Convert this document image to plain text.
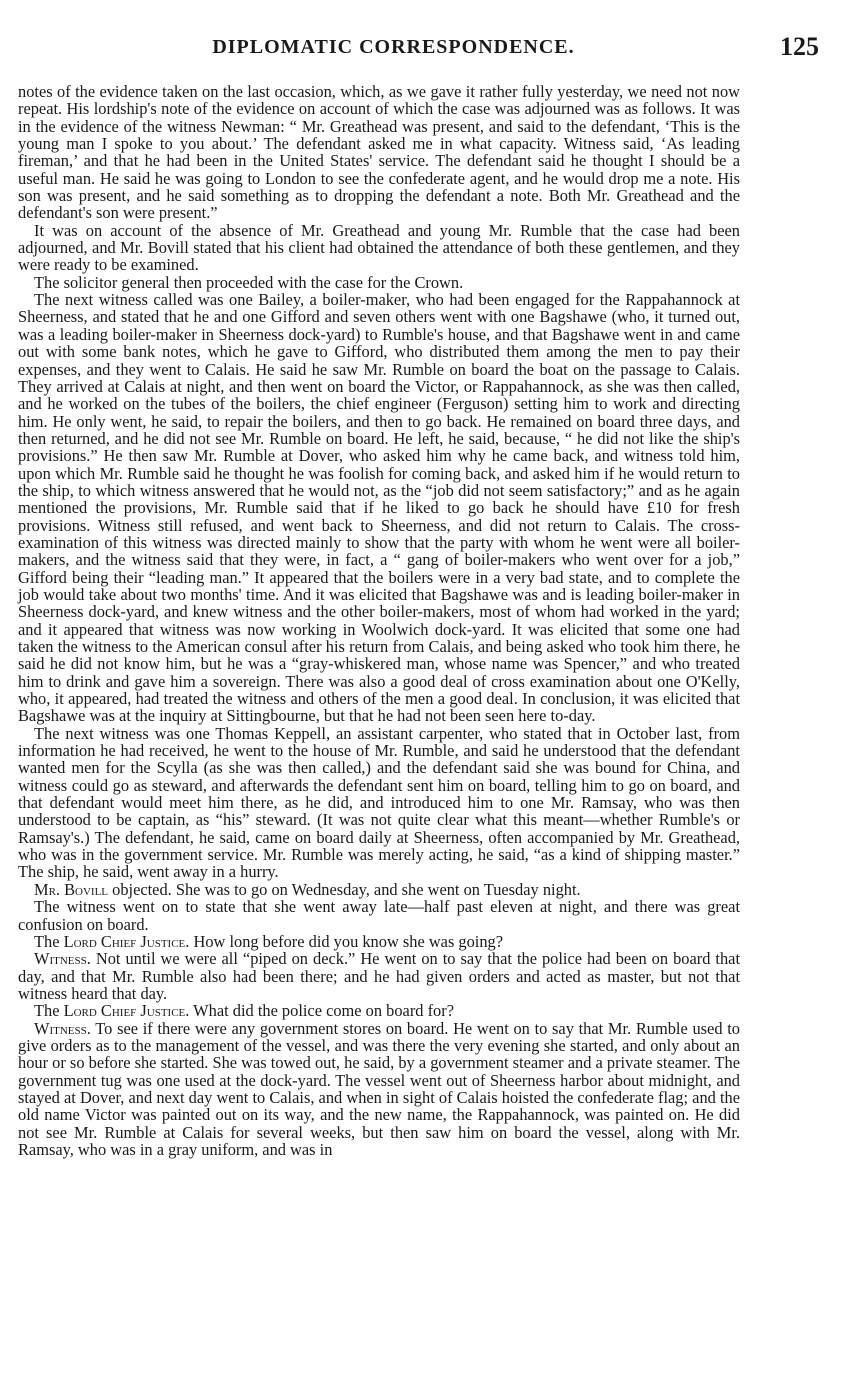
DIPLOMATIC CORRESPONDENCE.	125

notes of the evidence taken on the last occasion, which, as we gave it rather fully yesterday, we need not now repeat. His lordship's note of the evidence on account of which the case was adjourned was as follows. It was in the evidence of the witness Newman: “ Mr. Greathead was present, and said to the defendant, ‘This is the young man I spoke to you about.’ The defendant asked me in what capacity. Witness said, ‘As leading fireman,’ and that he had been in the United States' service. The defendant said he thought I should be a useful man. He said he was going to London to see the confederate agent, and he would drop me a note. His son was present, and he said something as to dropping the defendant a note. Both Mr. Greathead and the defendant's son were present.”

It was on account of the absence of Mr. Greathead and young Mr. Rumble that the case had been adjourned, and Mr. Bovill stated that his client had obtained the attendance of both these gentlemen, and they were ready to be examined.

The solicitor general then proceeded with the case for the Crown.

The next witness called was one Bailey, a boiler-maker, who had been engaged for the Rappahannock at Sheerness, and stated that he and one Gifford and seven others went with one Bagshawe (who, it turned out, was a leading boiler-maker in Sheerness dock-yard) to Rumble's house, and that Bagshawe went in and came out with some bank notes, which he gave to Gifford, who distributed them among the men to pay their expenses, and they went to Calais. He said he saw Mr. Rumble on board the boat on the passage to Calais. They arrived at Calais at night, and then went on board the Victor, or Rappahannock, as she was then called, and he worked on the tubes of the boilers, the chief engineer (Ferguson) setting him to work and directing him. He only went, he said, to repair the boilers, and then to go back. He remained on board three days, and then returned, and he did not see Mr. Rumble on board. He left, he said, because, “ he did not like the ship's provisions.” He then saw Mr. Rumble at Dover, who asked him why he came back, and witness told him, upon which Mr. Rumble said he thought he was foolish for coming back, and asked him if he would return to the ship, to which witness answered that he would not, as the “job did not seem satisfactory;” and as he again mentioned the provisions, Mr. Rumble said that if he liked to go back he should have £10 for fresh provisions. Witness still refused, and went back to Sheerness, and did not return to Calais. The cross-examination of this witness was directed mainly to show that the party with whom he went were all boiler-makers, and the witness said that they were, in fact, a “ gang of boiler-makers who went over for a job,” Gifford being their “leading man.” It appeared that the boilers were in a very bad state, and to complete the job would take about two months' time. And it was elicited that Bagshawe was and is leading boiler-maker in Sheerness dock-yard, and knew witness and the other boiler-makers, most of whom had worked in the yard; and it appeared that witness was now working in Woolwich dock-yard. It was elicited that some one had taken the witness to the American consul after his return from Calais, and being asked who took him there, he said he did not know him, but he was a “gray-whiskered man, whose name was Spencer,” and who treated him to drink and gave him a sovereign. There was also a good deal of cross examination about one O'Kelly, who, it appeared, had treated the witness and others of the men a good deal. In conclusion, it was elicited that Bagshawe was at the inquiry at Sittingbourne, but that he had not been seen here to-day.

The next witness was one Thomas Keppell, an assistant carpenter, who stated that in October last, from information he had received, he went to the house of Mr. Rumble, and said he understood that the defendant wanted men for the Scylla (as she was then called,) and the defendant said she was bound for China, and witness could go as steward, and afterwards the defendant sent him on board, telling him to go on board, and that defendant would meet him there, as he did, and introduced him to one Mr. Ramsay, who was then understood to be captain, as “his” steward. (It was not quite clear what this meant—whether Rumble's or Ramsay's.) The defendant, he said, came on board daily at Sheerness, often accompanied by Mr. Greathead, who was in the government service. Mr. Rumble was merely acting, he said, “as a kind of shipping master.” The ship, he said, went away in a hurry.

Mr. Bovill objected. She was to go on Wednesday, and she went on Tuesday night.

The witness went on to state that she went away late—half past eleven at night, and there was great confusion on board.

The Lord Chief Justice. How long before did you know she was going?

Witness. Not until we were all “piped on deck.” He went on to say that the police had been on board that day, and that Mr. Rumble also had been there; and he had given orders and acted as master, but not that witness heard that day.

The Lord Chief Justice. What did the police come on board for?

Witness. To see if there were any government stores on board. He went on to say that Mr. Rumble used to give orders as to the management of the vessel, and was there the very evening she started, and only about an hour or so before she started. She was towed out, he said, by a government steamer and a private steamer. The government tug was one used at the dock-yard. The vessel went out of Sheerness harbor about midnight, and stayed at Dover, and next day went to Calais, and when in sight of Calais hoisted the confederate flag; and the old name Victor was painted out on its way, and the new name, the Rappahannock, was painted on. He did not see Mr. Rumble at Calais for several weeks, but then saw him on board the vessel, along with Mr. Ramsay, who was in a gray uniform, and was in
